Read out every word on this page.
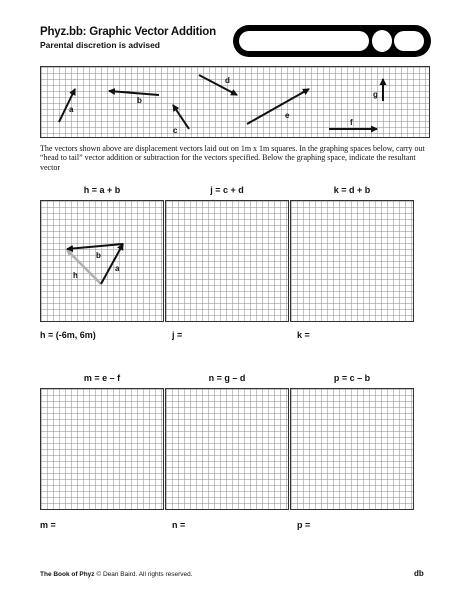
Phyz.bb: Graphic Vector Addition
Parental discretion is advised
a
b
c
d
e
f
g
The vectors shown above are displacement vectors laid out on 1m x 1m squares. In the graphing spaces below, carry out “head to tail” vector addition or subtraction for the vectors specified. Below the graphing space, indicate the resultant vector
h = a + b	j = c + d	k = d + b
b
a
h
h = (-6m, 6m)	j =	k =
m = e – f	n = g – d	p = c – b
m =	n =	p =
The Book of Phyz © Dean Baird. All rights reserved.	db
